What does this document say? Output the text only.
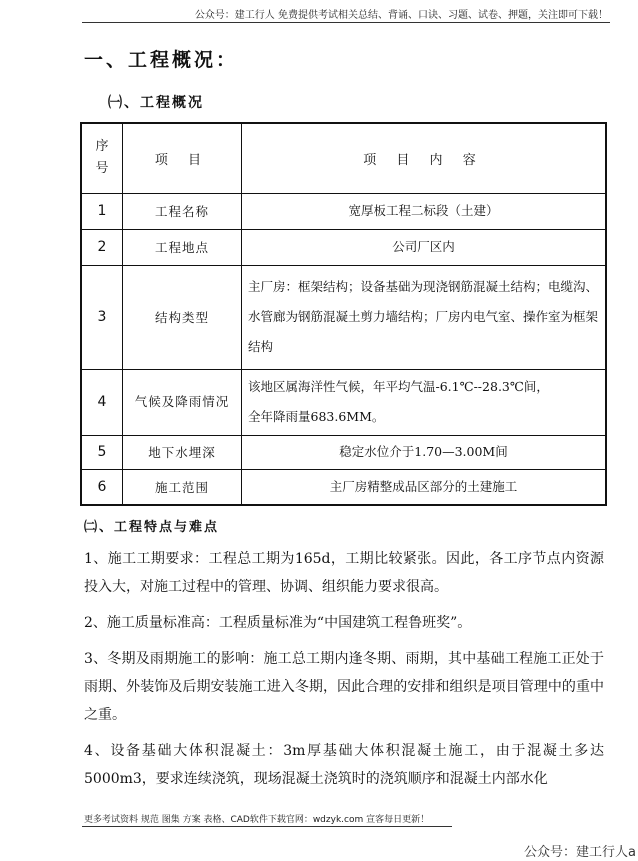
公众号：建工行人 免费提供考试相关总结、背诵、口诀、习题、试卷、押题，关注即可下载！
一、工程概况：
㈠、工程概况
序号	项 目	项 目 内 容
1	工程名称	宽厚板工程二标段（土建）
2	工程地点	公司厂区内
3	结构类型	主厂房：框架结构；设备基础为现浇钢筋混凝土结构；电缆沟、水管廊为钢筋混凝土剪力墙结构；厂房内电气室、操作室为框架结构
4	气候及降雨情况	该地区属海洋性气候，年平均气温-6.1℃--28.3℃间，
全年降雨量683.6MM。

5	地下水埋深	稳定水位介于1.70—3.00M间
6	施工范围	主厂房精整成品区部分的土建施工
㈡、工程特点与难点

1、施工工期要求：工程总工期为165d，工期比较紧张。因此，各工序节点内资源投入大，对施工过程中的管理、协调、组织能力要求很高。

2、施工质量标准高：工程质量标准为“中国建筑工程鲁班奖”。

3、冬期及雨期施工的影响：施工总工期内逢冬期、雨期，其中基础工程施工正处于雨期、外装饰及后期安装施工进入冬期，因此合理的安排和组织是项目管理中的重中之重。

4、设备基础大体积混凝土：3m厚基础大体积混凝土施工，由于混凝土多达5000m3，要求连续浇筑，现场混凝土浇筑时的浇筑顺序和混凝土内部水化

更多考试资料 规范 图集 方案 表格、CAD软件下载官网：wdzyk.com 宣客每日更新！
公众号：建工行人a
